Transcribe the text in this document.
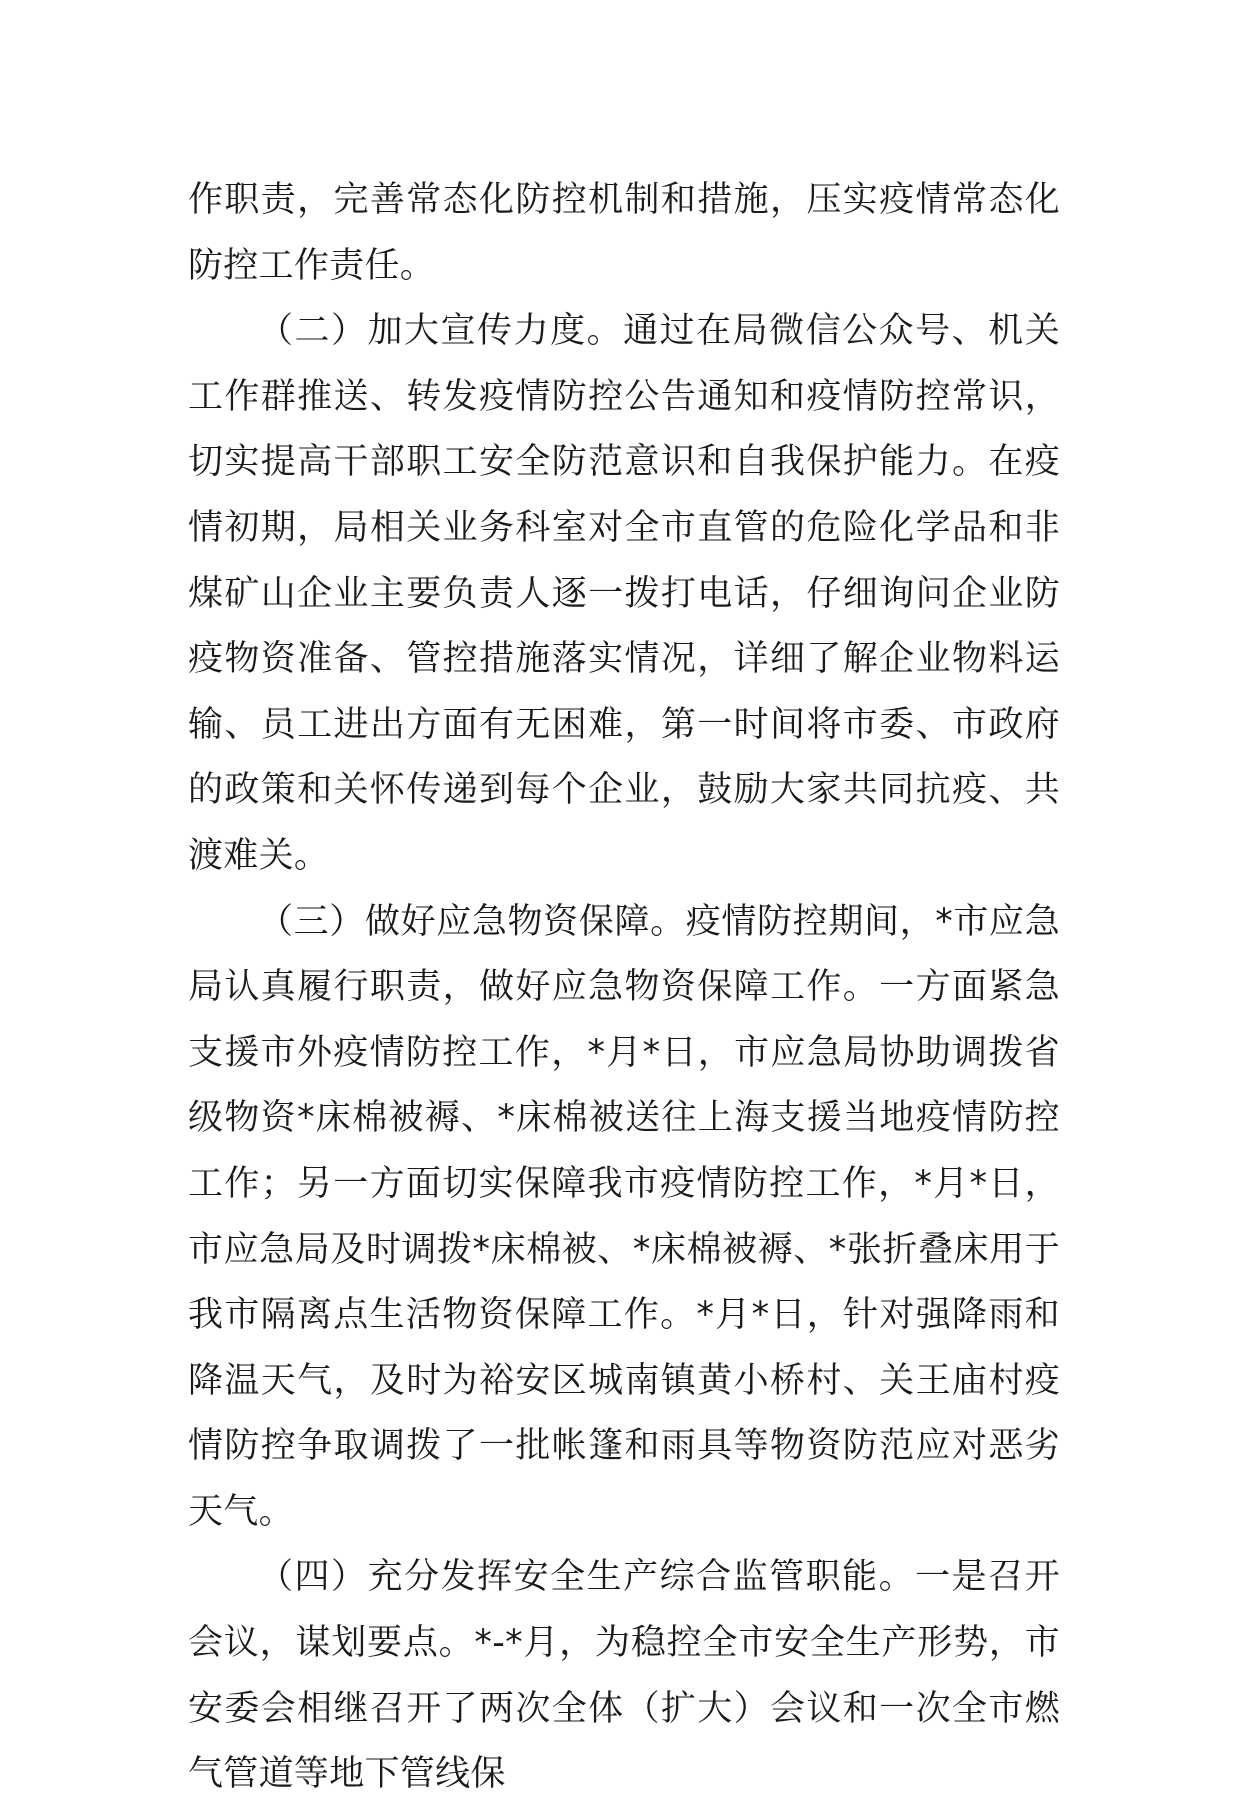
作职责，完善常态化防控机制和措施，压实疫情常态化防控工作责任。

（二）加大宣传力度。通过在局微信公众号、机关工作群推送、转发疫情防控公告通知和疫情防控常识，切实提高干部职工安全防范意识和自我保护能力。在疫情初期，局相关业务科室对全市直管的危险化学品和非煤矿山企业主要负责人逐一拨打电话，仔细询问企业防疫物资准备、管控措施落实情况，详细了解企业物料运输、员工进出方面有无困难，第一时间将市委、市政府的政策和关怀传递到每个企业，鼓励大家共同抗疫、共渡难关。

（三）做好应急物资保障。疫情防控期间，*市应急局认真履行职责，做好应急物资保障工作。一方面紧急支援市外疫情防控工作，*月*日，市应急局协助调拨省级物资*床棉被褥、*床棉被送往上海支援当地疫情防控工作；另一方面切实保障我市疫情防控工作，*月*日，市应急局及时调拨*床棉被、*床棉被褥、*张折叠床用于我市隔离点生活物资保障工作。*月*日，针对强降雨和降温天气，及时为裕安区城南镇黄小桥村、关王庙村疫情防控争取调拨了一批帐篷和雨具等物资防范应对恶劣天气。

（四）充分发挥安全生产综合监管职能。一是召开会议，谋划要点。*-*月，为稳控全市安全生产形势，市安委会相继召开了两次全体（扩大）会议和一次全市燃气管道等地下管线保
